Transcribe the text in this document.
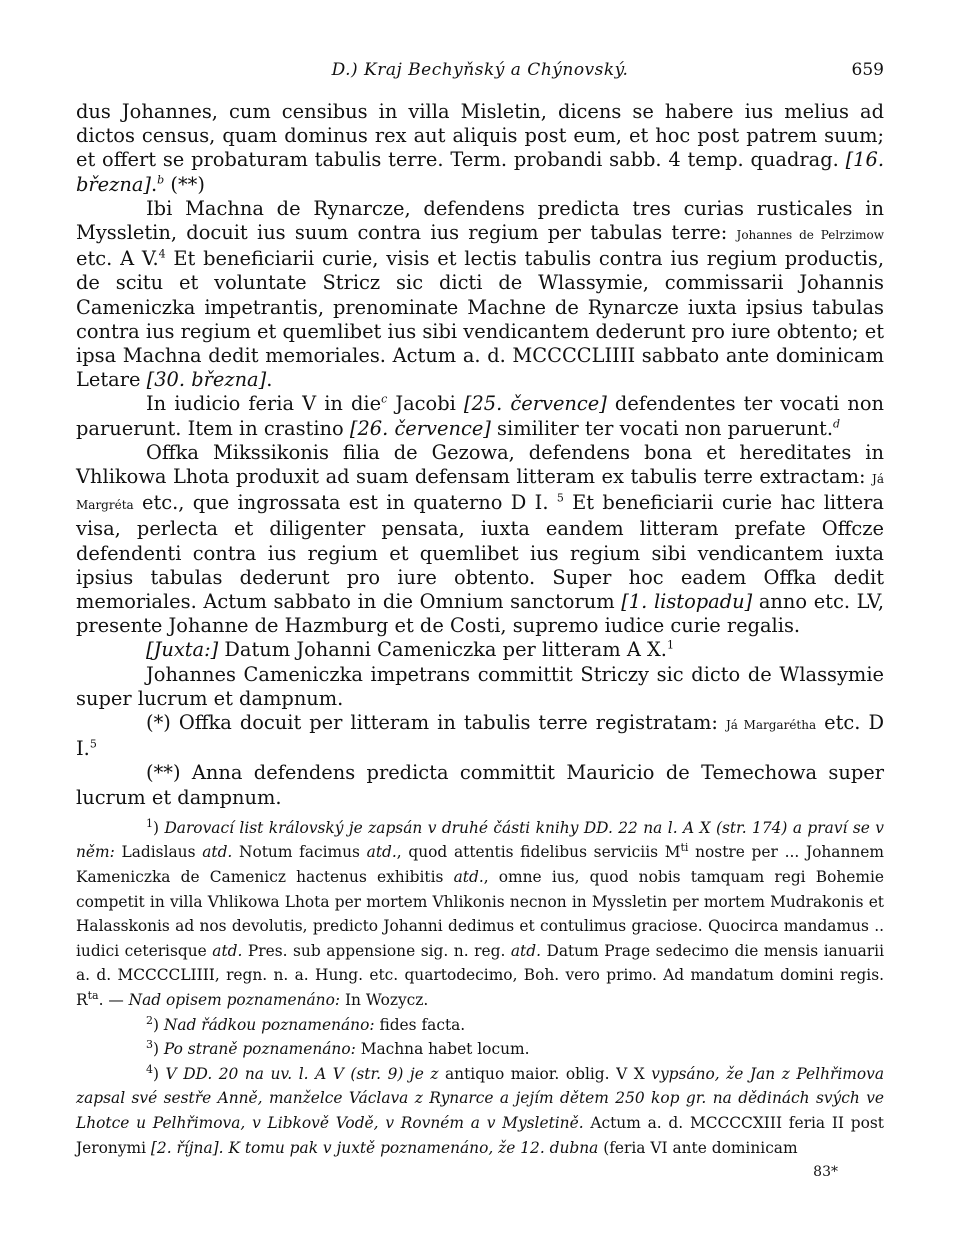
D.) Kraj Bechyňský a Chýnovský.	659

dus Johannes, cum censibus in villa Misletin, dicens se habere ius melius ad dictos census, quam dominus rex aut aliquis post eum, et hoc post patrem suum; et offert se probaturam tabulis terre. Term. probandi sabb. 4 temp. quadrag. [16. března].$^b$ (**)

Ibi Machna de Rynarcze, defendens predicta tres curias rusticales in Myssletin, docuit ius suum contra ius regium per tabulas terre: Johannes de Pelrzimow etc. A V.$^4$ Et beneficiarii curie, visis et lectis tabulis contra ius regium productis, de scitu et voluntate Stricz sic dicti de Wlassymie, commissarii Johannis Cameniczka impetrantis, prenominate Machne de Rynarcze iuxta ipsius tabulas contra ius regium et quemlibet ius sibi vendicantem dederunt pro iure obtento; et ipsa Machna dedit memoriales. Actum a. d. MCCCCLIIII sabbato ante dominicam Letare [30. března].

In iudicio feria V in die$^c$ Jacobi [25. července] defendentes ter vocati non paruerunt. Item in crastino [26. července] similiter ter vocati non paruerunt.$^d$

Offka Mikssikonis filia de Gezowa, defendens bona et hereditates in Vhlikowa Lhota produxit ad suam defensam litteram ex tabulis terre extractam: Já Margréta etc., que ingrossata est in quaterno D I. $^5$ Et beneficiarii curie hac littera visa, perlecta et diligenter pensata, iuxta eandem litteram prefate Offcze defendenti contra ius regium et quemlibet ius regium sibi vendicantem iuxta ipsius tabulas dederunt pro iure obtento. Super hoc eadem Offka dedit memoriales. Actum sabbato in die Omnium sanctorum [1. listopadu] anno etc. LV, presente Johanne de Hazmburg et de Costi, supremo iudice curie regalis.

[Juxta:] Datum Johanni Cameniczka per litteram A X.$^1$

Johannes Cameniczka impetrans committit Striczy sic dicto de Wlassymie super lucrum et dampnum.

(*) Offka docuit per litteram in tabulis terre registratam: Já Margarétha etc. D I.$^5$

(**) Anna defendens predicta committit Mauricio de Temechowa super lucrum et dampnum.

$^1$) Darovací list královský je zapsán v druhé části knihy DD. 22 na l. A X (str. 174) a praví se v něm: Ladislaus atd. Notum facimus atd., quod attentis fidelibus serviciis $M^{ti}$ nostre per ... Johannem Kameniczka de Camenicz hactenus exhibitis atd., omne ius, quod nobis tamquam regi Bohemie competit in villa Vhlikowa Lhota per mortem Vhlikonis necnon in Myssletin per mortem Mudrakonis et Halasskonis ad nos devolutis, predicto Johanni dedimus et contulimus graciose. Quocirca mandamus .. iudici ceterisque atd. Pres. sub appensione sig. n. reg. atd. Datum Prage sedecimo die mensis ianuarii a. d. MCCCCLIIII, regn. n. a. Hung. etc. quartodecimo, Boh. vero primo. Ad mandatum domini regis. $R^{ta}$. — Nad opisem poznamenáno: In Wozycz.

$^2$) Nad řádkou poznamenáno: fides facta.

$^3$) Po straně poznamenáno: Machna habet locum.

$^4$) V DD. 20 na uv. l. A V (str. 9) je z antiquo maior. oblig. V X vypsáno, že Jan z Pelhřimova zapsal své sestře Anně, manželce Václava z Rynarce a jejím dětem 250 kop gr. na dědinách svých ve Lhotce u Pelhřimova, v Libkově Vodě, v Rovném a v Mysletině. Actum a. d. MCCCCXIII feria II post Jeronymi [2. října]. K tomu pak v juxtě poznamenáno, že 12. dubna (feria VI ante dominicam

83*
